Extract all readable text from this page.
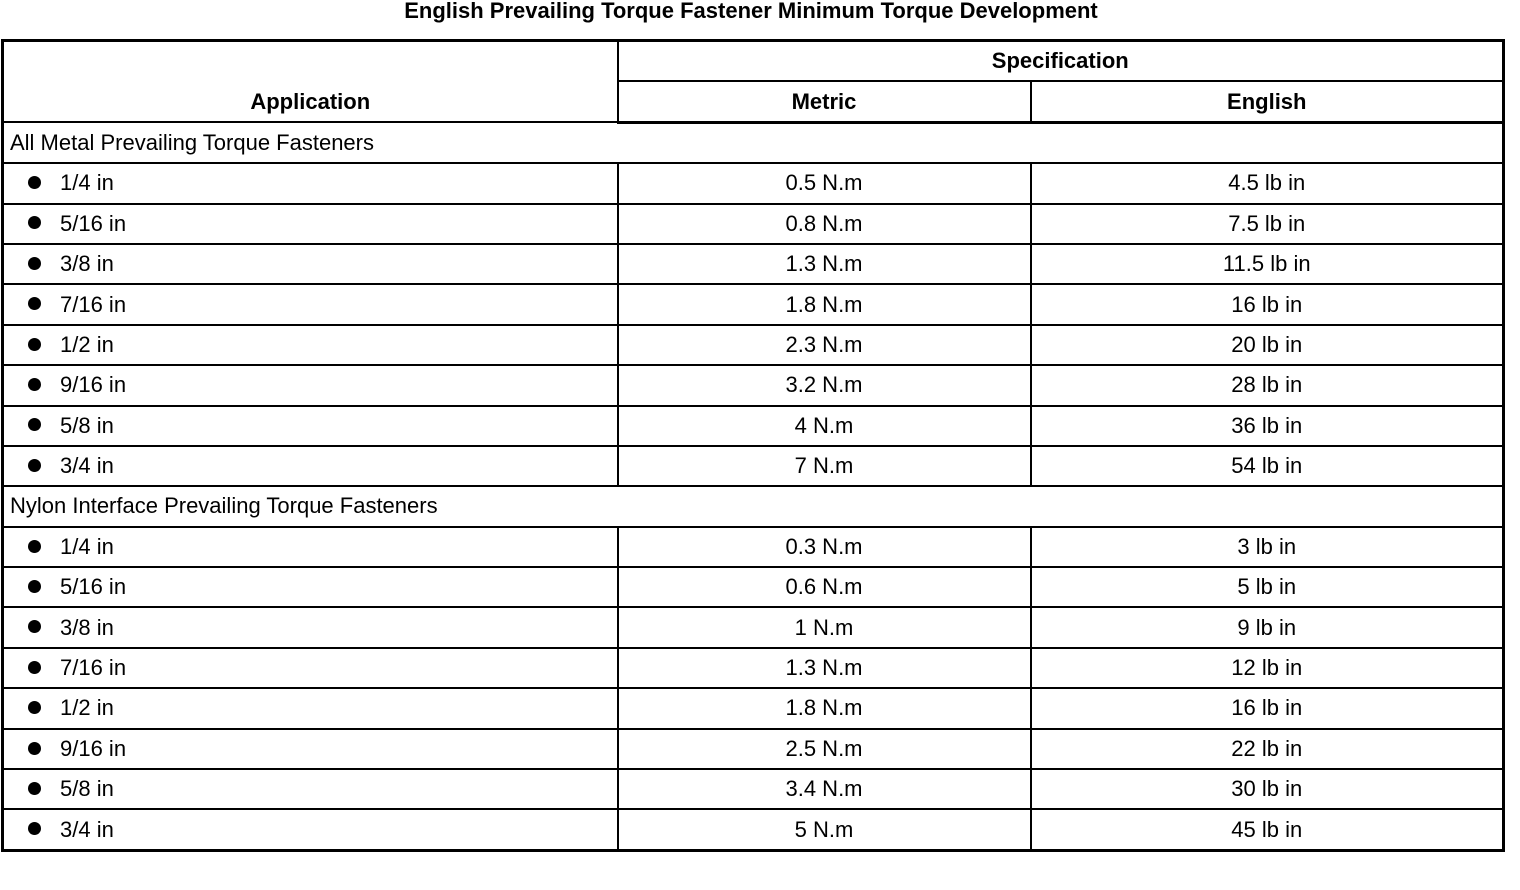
English Prevailing Torque Fastener Minimum Torque Development
Application	Specification	
	Metric	English
All Metal Prevailing Torque Fasteners		
1/4 in	0.5 N.m	4.5 lb in
5/16 in	0.8 N.m	7.5 lb in
3/8 in	1.3 N.m	11.5 lb in
7/16 in	1.8 N.m	16 lb in
1/2 in	2.3 N.m	20 lb in
9/16 in	3.2 N.m	28 lb in
5/8 in	4 N.m	36 lb in
3/4 in	7 N.m	54 lb in
Nylon Interface Prevailing Torque Fasteners		
1/4 in	0.3 N.m	3 lb in
5/16 in	0.6 N.m	5 lb in
3/8 in	1 N.m	9 lb in
7/16 in	1.3 N.m	12 lb in
1/2 in	1.8 N.m	16 lb in
9/16 in	2.5 N.m	22 lb in
5/8 in	3.4 N.m	30 lb in
3/4 in	5 N.m	45 lb in
